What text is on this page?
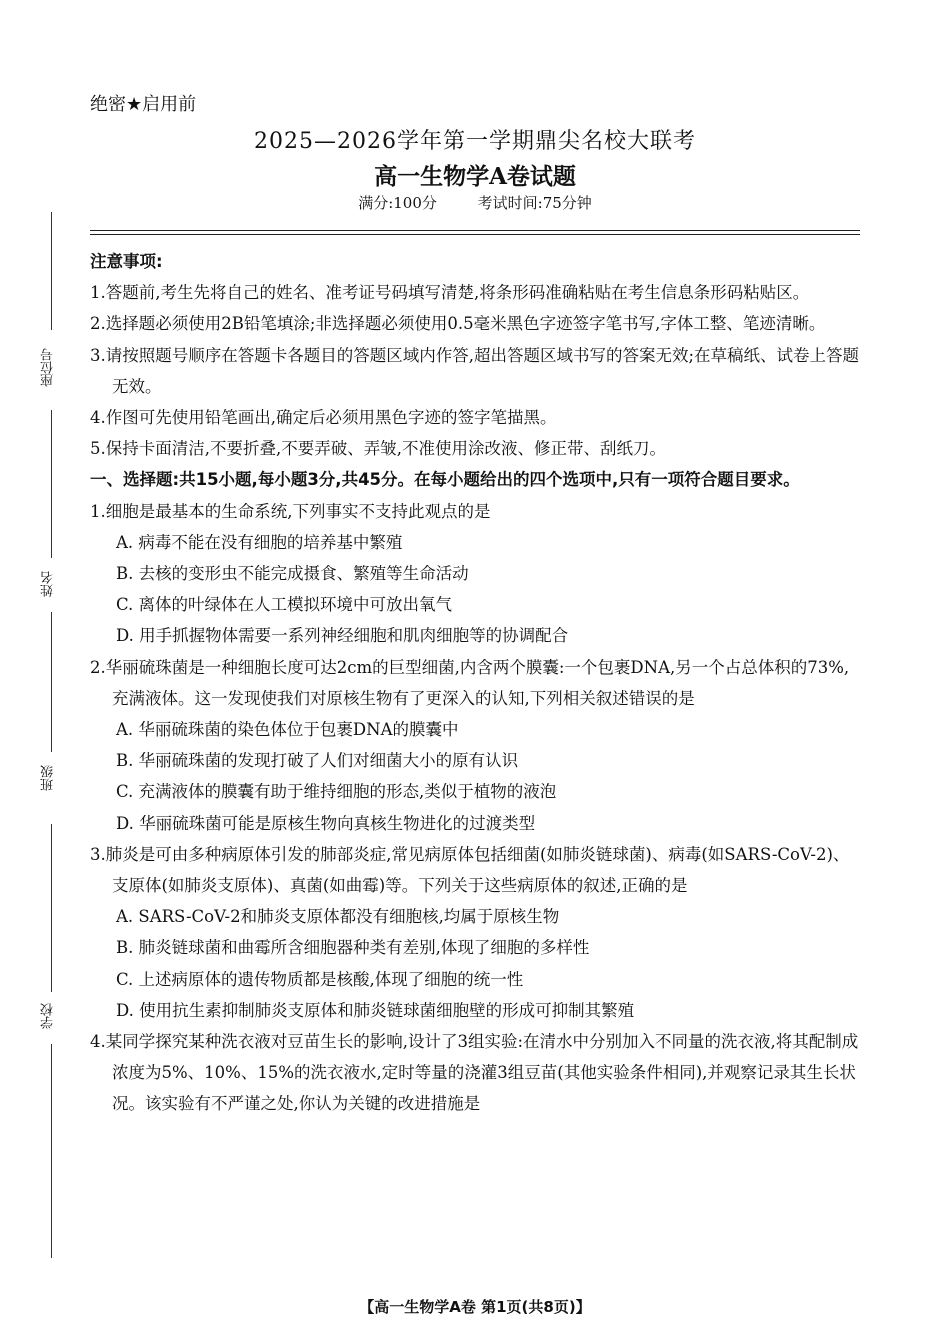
绝密★启用前
2025—2026学年第一学期鼎尖名校大联考
高一生物学A卷试题
满分:100分	考试时间:75分钟
座位号
姓名
班级
学校

注意事项:

1.答题前,考生先将自己的姓名、准考证号码填写清楚,将条形码准确粘贴在考生信息条形码粘贴区。

2.选择题必须使用2B铅笔填涂;非选择题必须使用0.5毫米黑色字迹签字笔书写,字体工整、笔迹清晰。

3.请按照题号顺序在答题卡各题目的答题区域内作答,超出答题区域书写的答案无效;在草稿纸、试卷上答题无效。

4.作图可先使用铅笔画出,确定后必须用黑色字迹的签字笔描黑。

5.保持卡面清洁,不要折叠,不要弄破、弄皱,不准使用涂改液、修正带、刮纸刀。

一、选择题:共15小题,每小题3分,共45分。在每小题给出的四个选项中,只有一项符合题目要求。

1.细胞是最基本的生命系统,下列事实不支持此观点的是

A. 病毒不能在没有细胞的培养基中繁殖

B. 去核的变形虫不能完成摄食、繁殖等生命活动

C. 离体的叶绿体在人工模拟环境中可放出氧气

D. 用手抓握物体需要一系列神经细胞和肌肉细胞等的协调配合

2.华丽硫珠菌是一种细胞长度可达2cm的巨型细菌,内含两个膜囊:一个包裹DNA,另一个占总体积的73%,充满液体。这一发现使我们对原核生物有了更深入的认知,下列相关叙述错误的是

A. 华丽硫珠菌的染色体位于包裹DNA的膜囊中

B. 华丽硫珠菌的发现打破了人们对细菌大小的原有认识

C. 充满液体的膜囊有助于维持细胞的形态,类似于植物的液泡

D. 华丽硫珠菌可能是原核生物向真核生物进化的过渡类型

3.肺炎是可由多种病原体引发的肺部炎症,常见病原体包括细菌(如肺炎链球菌)、病毒(如SARS-CoV-2)、支原体(如肺炎支原体)、真菌(如曲霉)等。下列关于这些病原体的叙述,正确的是

A. SARS-CoV-2和肺炎支原体都没有细胞核,均属于原核生物

B. 肺炎链球菌和曲霉所含细胞器种类有差别,体现了细胞的多样性

C. 上述病原体的遗传物质都是核酸,体现了细胞的统一性

D. 使用抗生素抑制肺炎支原体和肺炎链球菌细胞壁的形成可抑制其繁殖

4.某同学探究某种洗衣液对豆苗生长的影响,设计了3组实验:在清水中分别加入不同量的洗衣液,将其配制成浓度为5%、10%、15%的洗衣液水,定时等量的浇灌3组豆苗(其他实验条件相同),并观察记录其生长状况。该实验有不严谨之处,你认为关键的改进措施是

【高一生物学A卷 第1页(共8页)】
